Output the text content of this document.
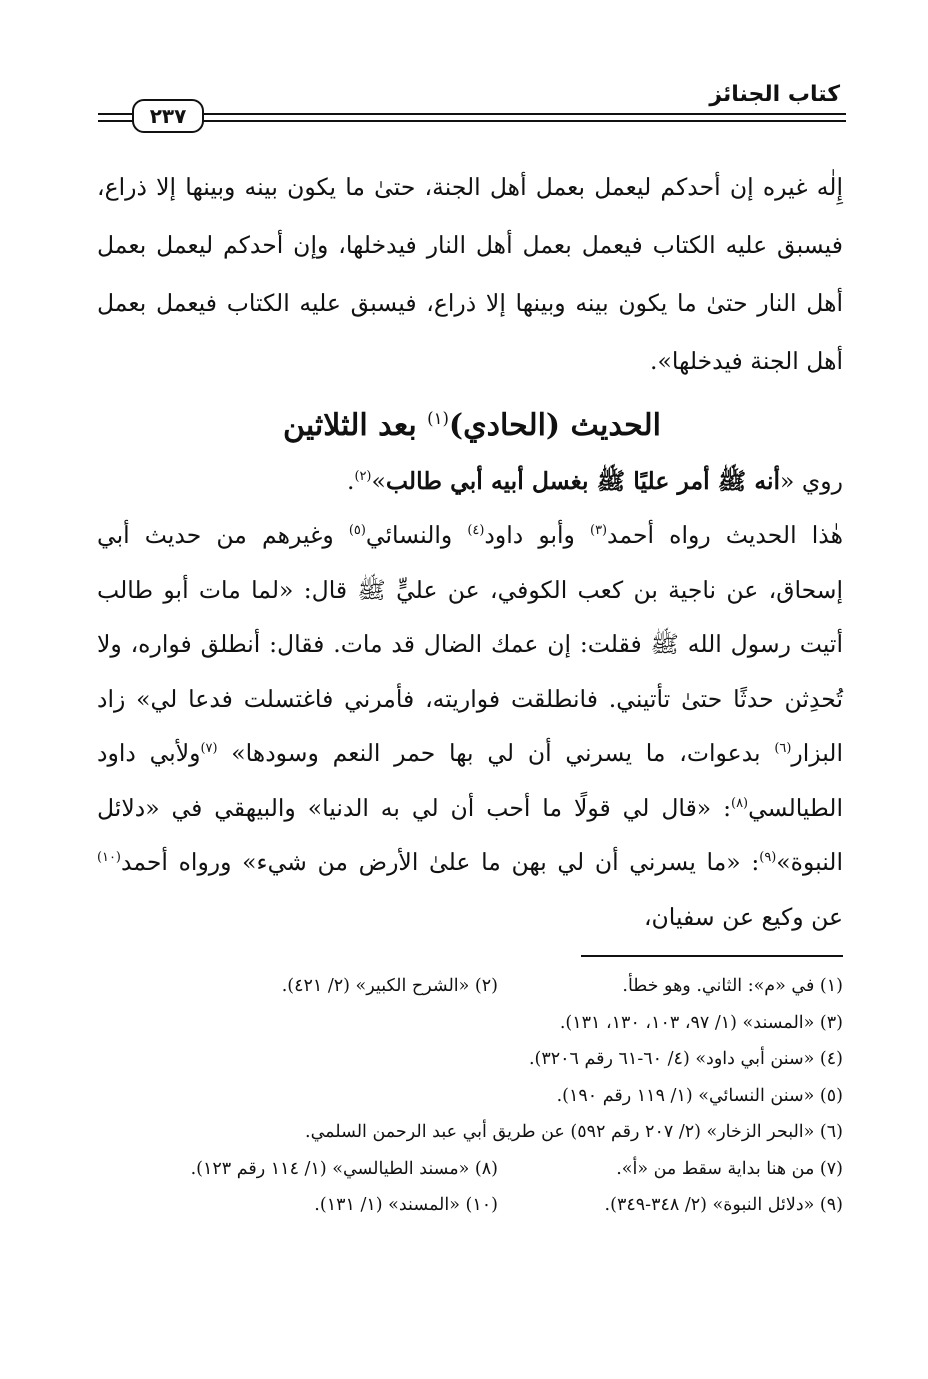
كتاب الجنائز
٢٣٧

إِلٰه غيره إن أحدكم ليعمل بعمل أهل الجنة، حتىٰ ما يكون بينه وبينها إلا ذراع، فيسبق عليه الكتاب فيعمل بعمل أهل النار فيدخلها، وإن أحدكم ليعمل بعمل أهل النار حتىٰ ما يكون بينه وبينها إلا ذراع، فيسبق عليه الكتاب فيعمل بعمل أهل الجنة فيدخلها».

الحديث (الحادي)$^{(١)}$ بعد الثلاثين

روي «أنه ﷺ أمر عليًا ﷺ بغسل أبيه أبي طالب»$^{(٢)}$.

هٰذا الحديث رواه أحمد$^{(٣)}$ وأبو داود$^{(٤)}$ والنسائي$^{(٥)}$ وغيرهم من حديث أبي إسحاق، عن ناجية بن كعب الكوفي، عن عليٍّ ﷺ قال: «لما مات أبو طالب أتيت رسول الله ﷺ فقلت: إن عمك الضال قد مات. فقال: أنطلق فواره، ولا تُحدِثن حدثًا حتىٰ تأتيني. فانطلقت فواريته، فأمرني فاغتسلت فدعا لي» زاد البزار$^{(٦)}$ بدعوات، ما يسرني أن لي بها حمر النعم وسودها» $^{(٧)}$ولأبي داود الطيالسي$^{(٨)}$: «قال لي قولًا ما أحب أن لي به الدنيا» والبيهقي في «دلائل النبوة»$^{(٩)}$: «ما يسرني أن لي بهن ما علىٰ الأرض من شيء» ورواه أحمد$^{(١٠)}$ عن وكيع عن سفيان،

(١) في «م»: الثاني. وهو خطأ.(٢) «الشرح الكبير» (٢/ ٤٢١).
(٣) «المسند» (١/ ٩٧، ١٠٣، ١٣٠، ١٣١).
(٤) «سنن أبي داود» (٤/ ٦٠-٦١ رقم ٣٢٠٦).
(٥) «سنن النسائي» (١/ ١١٩ رقم ١٩٠).
(٦) «البحر الزخار» (٢/ ٢٠٧ رقم ٥٩٢) عن طريق أبي عبد الرحمن السلمي.
(٧) من هنا بداية سقط من «أ».(٨) «مسند الطيالسي» (١/ ١١٤ رقم ١٢٣).
(٩) «دلائل النبوة» (٢/ ٣٤٨-٣٤٩).(١٠) «المسند» (١/ ١٣١).
